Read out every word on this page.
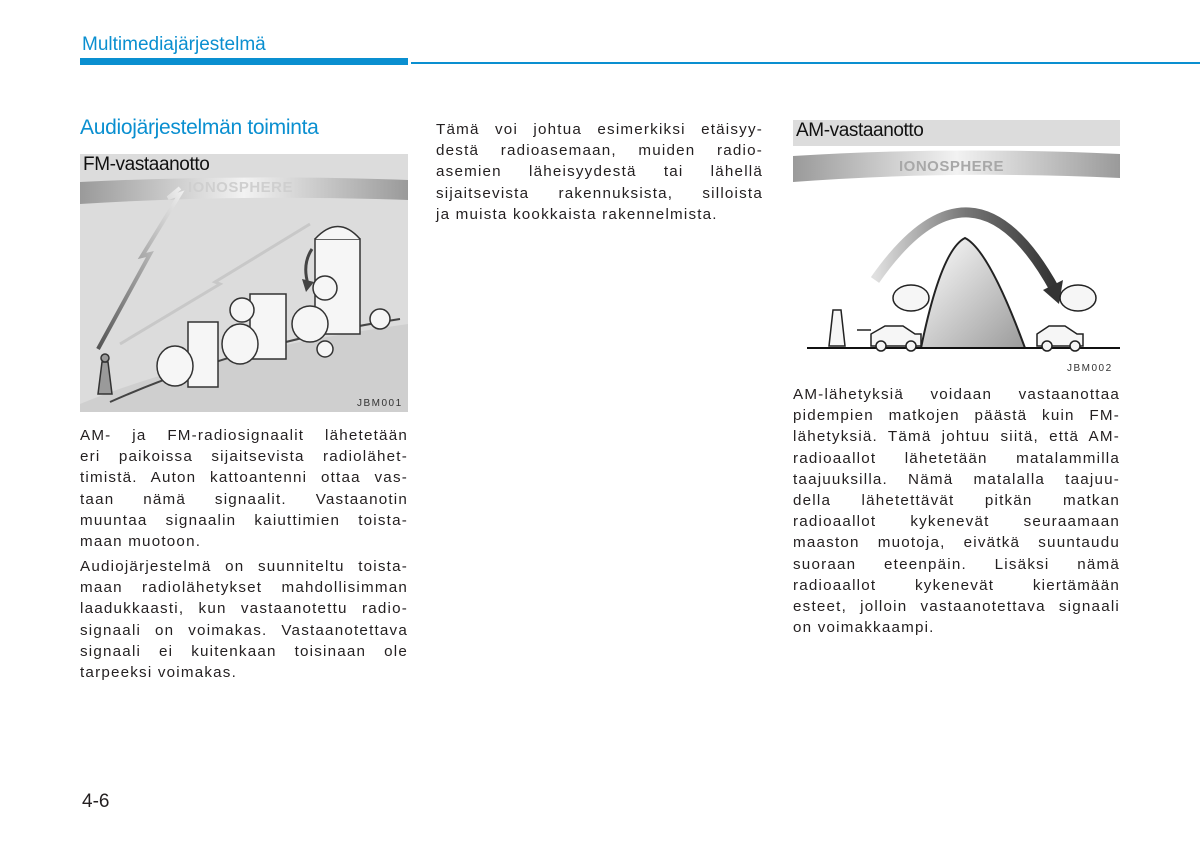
Multimediajärjestelmä
Audiojärjestelmän toiminta
FM-vastaanotto
IONOSPHERE
JBM001
AM-vastaanotto
IONOSPHERE
JBM002
AM- ja FM-radiosignaalit lähetetään
eri paikoissa sijaitsevista radiolähet-
timistä. Auton kattoantenni ottaa vas-
taan nämä signaalit. Vastaanotin
muuntaa signaalin kaiuttimien toista-
maan muotoon.
Audiojärjestelmä on suunniteltu toista-
maan radiolähetykset mahdollisimman
laadukkaasti, kun vastaanotettu radio-
signaali on voimakas. Vastaanotettava
signaali ei kuitenkaan toisinaan ole
tarpeeksi voimakas.
Tämä voi johtua esimerkiksi etäisyy-
destä radioasemaan, muiden radio-
asemien läheisyydestä tai lähellä
sijaitsevista rakennuksista, silloista
ja muista kookkaista rakennelmista.
AM-lähetyksiä voidaan vastaanottaa
pidempien matkojen päästä kuin FM-
lähetyksiä. Tämä johtuu siitä, että AM-
radioaallot lähetetään matalammilla
taajuuksilla. Nämä matalalla taajuu-
della lähetettävät pitkän matkan
radioaallot kykenevät seuraamaan
maaston muotoja, eivätkä suuntaudu
suoraan eteenpäin. Lisäksi nämä
radioaallot kykenevät kiertämään
esteet, jolloin vastaanotettava signaali
on voimakkaampi.
4-6
